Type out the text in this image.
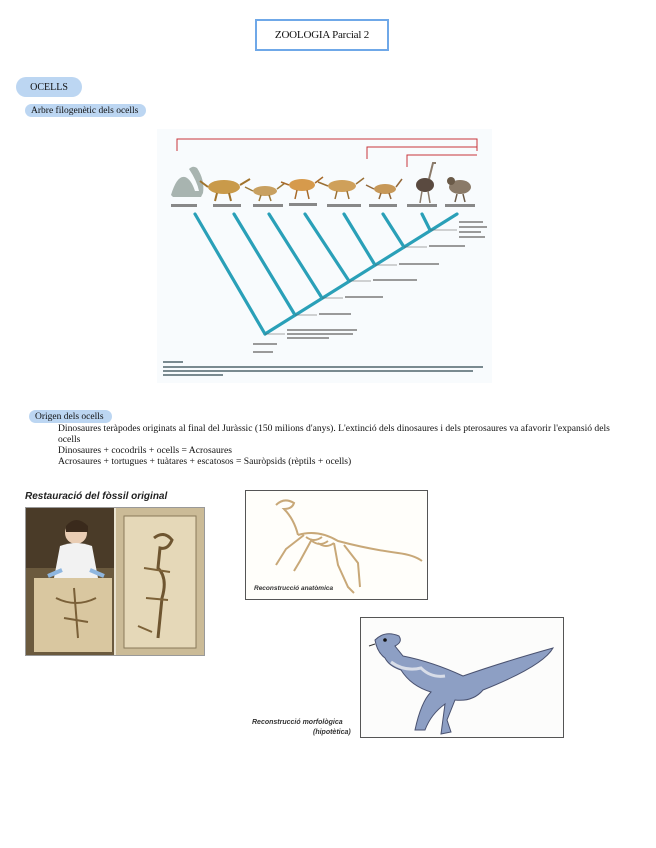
ZOOLOGIA Parcial 2
OCELLS
Arbre filogenètic dels ocells
Origen dels ocells

Dinosaures teràpodes originats al final del Juràssic (150 milions d'anys). L'extinció dels dinosaures i dels pterosaures va afavorir l'expansió dels ocells

Dinosaures + cocodrils + ocells = Acrosaures

Acrosaures + tortugues + tuàtares + escatosos = Sauròpsids (rèptils + ocells)

Restauració del fòssil original
Reconstrucció anatòmica
Reconstrucció morfològica
(hipotètica)
